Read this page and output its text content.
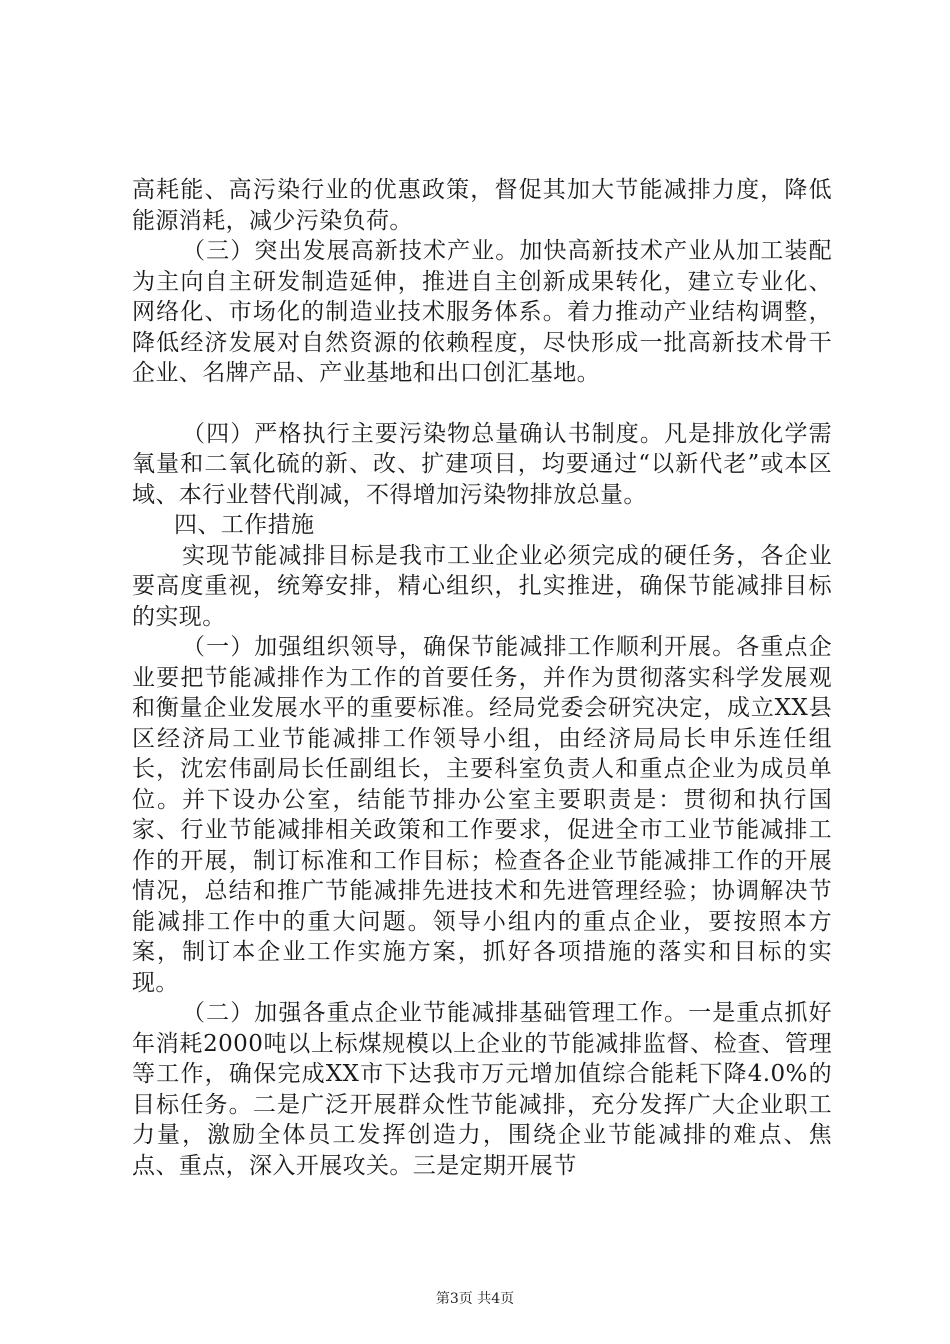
高耗能、高污染行业的优惠政策，督促其加大节能减排力度，降低能源消耗，减少污染负荷。

（三）突出发展高新技术产业。加快高新技术产业从加工装配为主向自主研发制造延伸，推进自主创新成果转化，建立专业化、网络化、市场化的制造业技术服务体系。着力推动产业结构调整，降低经济发展对自然资源的依赖程度，尽快形成一批高新技术骨干企业、名牌产品、产业基地和出口创汇基地。

（四）严格执行主要污染物总量确认书制度。凡是排放化学需氧量和二氧化硫的新、改、扩建项目，均要通过“以新代老”或本区域、本行业替代削减，不得增加污染物排放总量。

四、工作措施

实现节能减排目标是我市工业企业必须完成的硬任务，各企业要高度重视，统筹安排，精心组织，扎实推进，确保节能减排目标的实现。

（一）加强组织领导，确保节能减排工作顺利开展。各重点企业要把节能减排作为工作的首要任务，并作为贯彻落实科学发展观和衡量企业发展水平的重要标准。经局党委会研究决定，成立XX县区经济局工业节能减排工作领导小组，由经济局局长申乐连任组长，沈宏伟副局长任副组长，主要科室负责人和重点企业为成员单位。并下设办公室，结能节排办公室主要职责是：贯彻和执行国家、行业节能减排相关政策和工作要求，促进全市工业节能减排工作的开展，制订标准和工作目标；检查各企业节能减排工作的开展情况，总结和推广节能减排先进技术和先进管理经验；协调解决节能减排工作中的重大问题。领导小组内的重点企业，要按照本方案，制订本企业工作实施方案，抓好各项措施的落实和目标的实现。

（二）加强各重点企业节能减排基础管理工作。一是重点抓好年消耗2000吨以上标煤规模以上企业的节能减排监督、检查、管理等工作，确保完成XX市下达我市万元增加值综合能耗下降4.0%的目标任务。二是广泛开展群众性节能减排，充分发挥广大企业职工力量，激励全体员工发挥创造力，围绕企业节能减排的难点、焦点、重点，深入开展攻关。三是定期开展节

第3页 共4页
